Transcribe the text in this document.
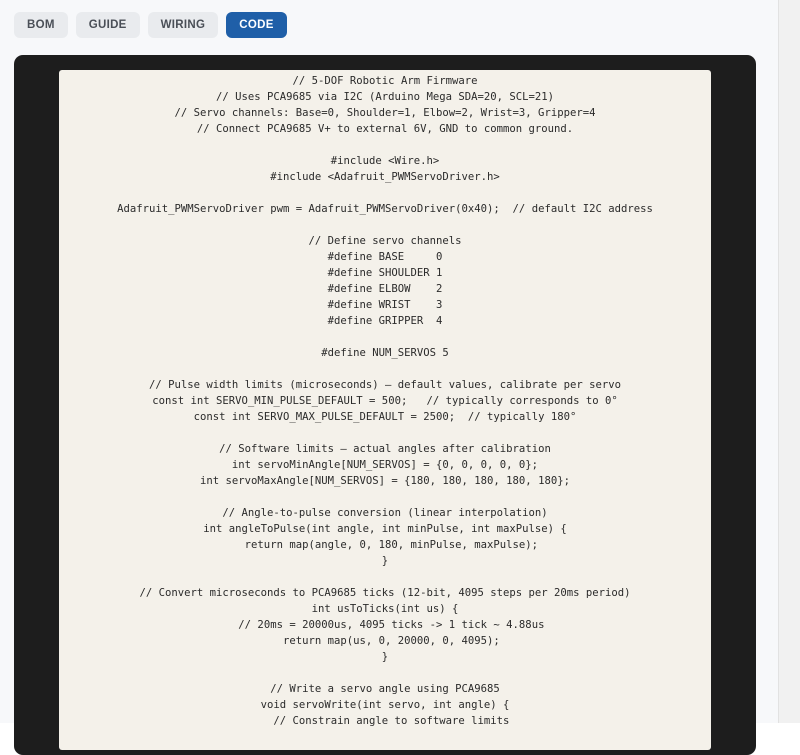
BOM	GUIDE	WIRING	CODE
// 5-DOF Robotic Arm Firmware
// Uses PCA9685 via I2C (Arduino Mega SDA=20, SCL=21)
// Servo channels: Base=0, Shoulder=1, Elbow=2, Wrist=3, Gripper=4
// Connect PCA9685 V+ to external 6V, GND to common ground.
#include <Wire.h>
#include <Adafruit_PWMServoDriver.h>
Adafruit_PWMServoDriver pwm = Adafruit_PWMServoDriver(0x40);  // default I2C address
// Define servo channels
#define BASE     0
#define SHOULDER 1
#define ELBOW    2
#define WRIST    3
#define GRIPPER  4
#define NUM_SERVOS 5
// Pulse width limits (microseconds) – default values, calibrate per servo
const int SERVO_MIN_PULSE_DEFAULT = 500;   // typically corresponds to 0°
const int SERVO_MAX_PULSE_DEFAULT = 2500;  // typically 180°
// Software limits – actual angles after calibration
int servoMinAngle[NUM_SERVOS] = {0, 0, 0, 0, 0};
int servoMaxAngle[NUM_SERVOS] = {180, 180, 180, 180, 180};
// Angle-to-pulse conversion (linear interpolation)
int angleToPulse(int angle, int minPulse, int maxPulse) {
return map(angle, 0, 180, minPulse, maxPulse);
}
// Convert microseconds to PCA9685 ticks (12-bit, 4095 steps per 20ms period)
int usToTicks(int us) {
// 20ms = 20000us, 4095 ticks -> 1 tick ~ 4.88us
return map(us, 0, 20000, 0, 4095);
}
// Write a servo angle using PCA9685
void servoWrite(int servo, int angle) {
// Constrain angle to software limits
